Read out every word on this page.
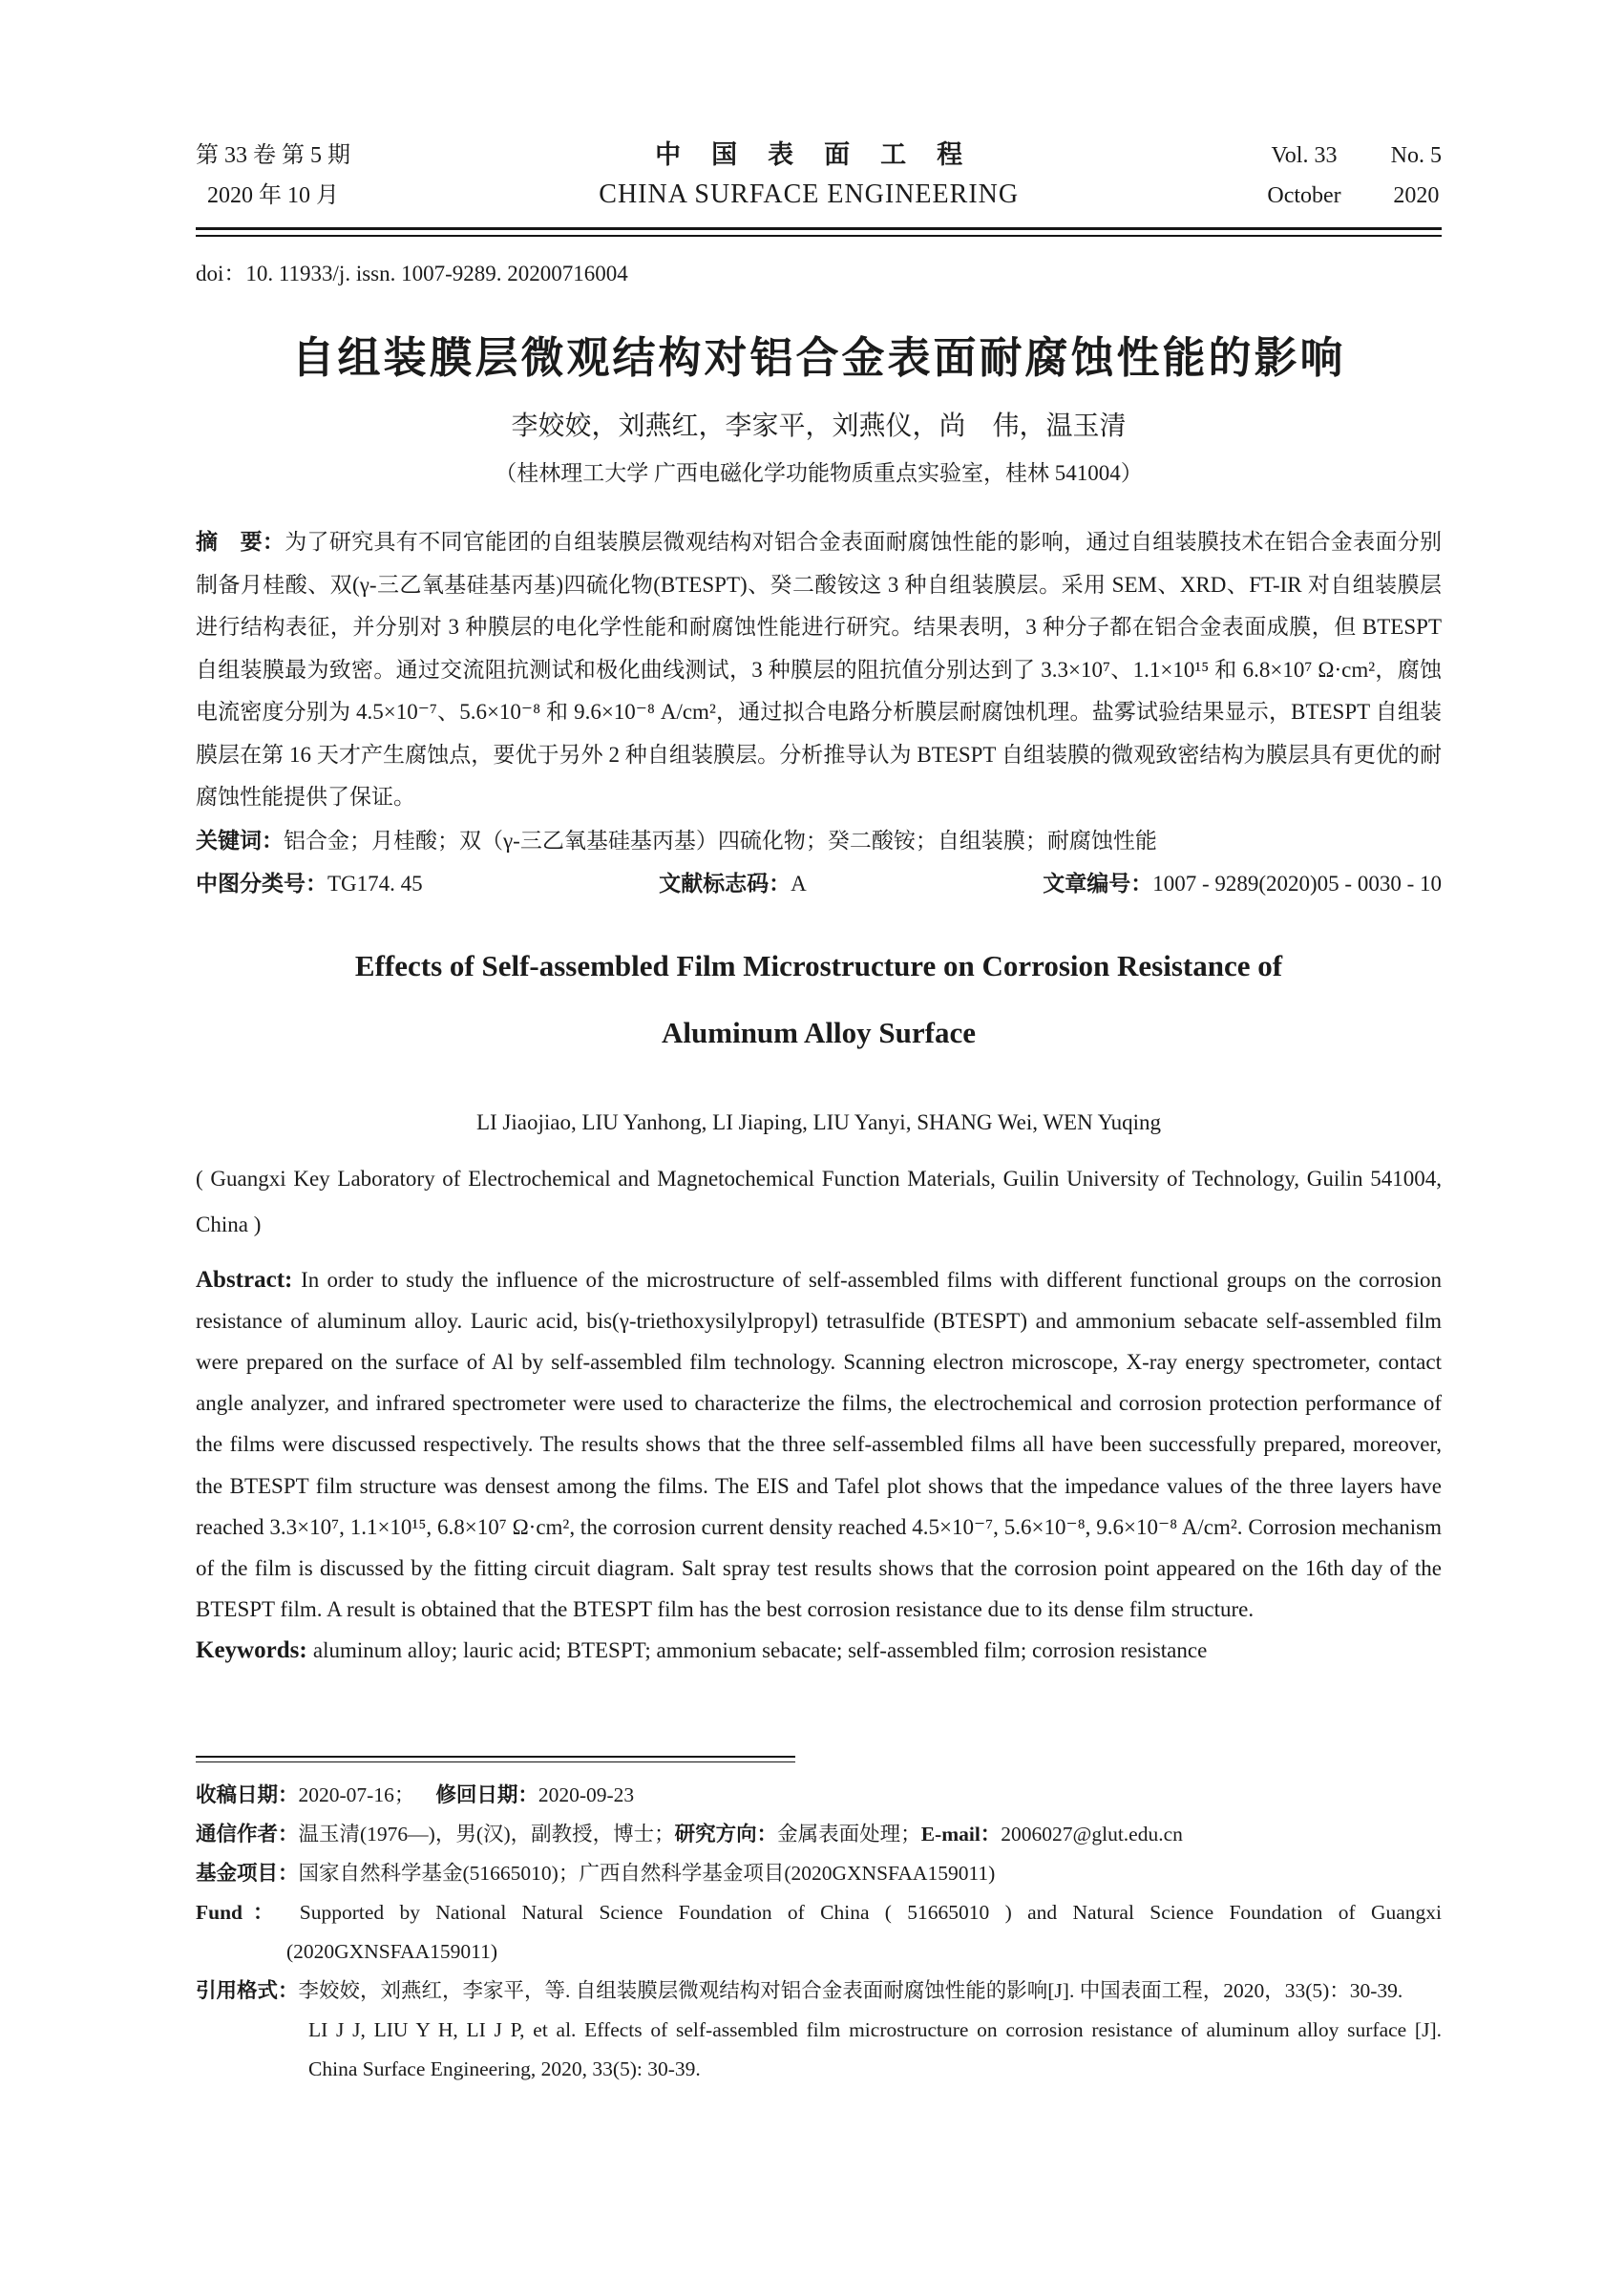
第 33 卷 第 5 期
2020 年 10 月
中国表面工程
CHINA SURFACE ENGINEERING
Vol. 33 No. 5
October 2020
doi：10. 11933/j. issn. 1007-9289. 20200716004
自组装膜层微观结构对铝合金表面耐腐蚀性能的影响
李姣姣，刘燕红，李家平，刘燕仪，尚　伟，温玉清
（桂林理工大学 广西电磁化学功能物质重点实验室，桂林 541004）
摘　要：为了研究具有不同官能团的自组装膜层微观结构对铝合金表面耐腐蚀性能的影响，通过自组装膜技术在铝合金表面分别制备月桂酸、双(γ-三乙氧基硅基丙基)四硫化物(BTESPT)、癸二酸铵这 3 种自组装膜层。采用 SEM、XRD、FT-IR 对自组装膜层进行结构表征，并分别对 3 种膜层的电化学性能和耐腐蚀性能进行研究。结果表明，3 种分子都在铝合金表面成膜，但 BTESPT 自组装膜最为致密。通过交流阻抗测试和极化曲线测试，3 种膜层的阻抗值分别达到了 3.3×10⁷、1.1×10¹⁵ 和 6.8×10⁷ Ω·cm²，腐蚀电流密度分别为 4.5×10⁻⁷、5.6×10⁻⁸ 和 9.6×10⁻⁸ A/cm²，通过拟合电路分析膜层耐腐蚀机理。盐雾试验结果显示，BTESPT 自组装膜层在第 16 天才产生腐蚀点，要优于另外 2 种自组装膜层。分析推导认为 BTESPT 自组装膜的微观致密结构为膜层具有更优的耐腐蚀性能提供了保证。
关键词：铝合金；月桂酸；双（γ-三乙氧基硅基丙基）四硫化物；癸二酸铵；自组装膜；耐腐蚀性能
中图分类号：TG174. 45	文献标志码：A	文章编号：1007 - 9289(2020)05 - 0030 - 10
Effects of Self-assembled Film Microstructure on Corrosion Resistance of
Aluminum Alloy Surface
LI Jiaojiao, LIU Yanhong, LI Jiaping, LIU Yanyi, SHANG Wei, WEN Yuqing
( Guangxi Key Laboratory of Electrochemical and Magnetochemical Function Materials, Guilin University of Technology, Guilin 541004, China )
Abstract: In order to study the influence of the microstructure of self-assembled films with different functional groups on the corrosion resistance of aluminum alloy. Lauric acid, bis(γ-triethoxysilylpropyl) tetrasulfide (BTESPT) and ammonium sebacate self-assembled film were prepared on the surface of Al by self-assembled film technology. Scanning electron microscope, X-ray energy spectrometer, contact angle analyzer, and infrared spectrometer were used to characterize the films, the electrochemical and corrosion protection performance of the films were discussed respectively. The results shows that the three self-assembled films all have been successfully prepared, moreover, the BTESPT film structure was densest among the films. The EIS and Tafel plot shows that the impedance values of the three layers have reached 3.3×10⁷, 1.1×10¹⁵, 6.8×10⁷ Ω·cm², the corrosion current density reached 4.5×10⁻⁷, 5.6×10⁻⁸, 9.6×10⁻⁸ A/cm². Corrosion mechanism of the film is discussed by the fitting circuit diagram. Salt spray test results shows that the corrosion point appeared on the 16th day of the BTESPT film. A result is obtained that the BTESPT film has the best corrosion resistance due to its dense film structure.
Keywords: aluminum alloy; lauric acid; BTESPT; ammonium sebacate; self-assembled film; corrosion resistance
收稿日期：2020-07-16； 修回日期：2020-09-23
通信作者：温玉清(1976—)，男(汉)，副教授，博士；研究方向：金属表面处理；E-mail：2006027@glut.edu.cn
基金项目：国家自然科学基金(51665010)；广西自然科学基金项目(2020GXNSFAA159011)
Fund： Supported by National Natural Science Foundation of China ( 51665010 ) and Natural Science Foundation of Guangxi
(2020GXNSFAA159011)
引用格式：李姣姣，刘燕红，李家平，等. 自组装膜层微观结构对铝合金表面耐腐蚀性能的影响[J]. 中国表面工程，2020，33(5)：30-39.
LI J J, LIU Y H, LI J P, et al. Effects of self-assembled film microstructure on corrosion resistance of aluminum alloy surface [J].
China Surface Engineering, 2020, 33(5): 30-39.
